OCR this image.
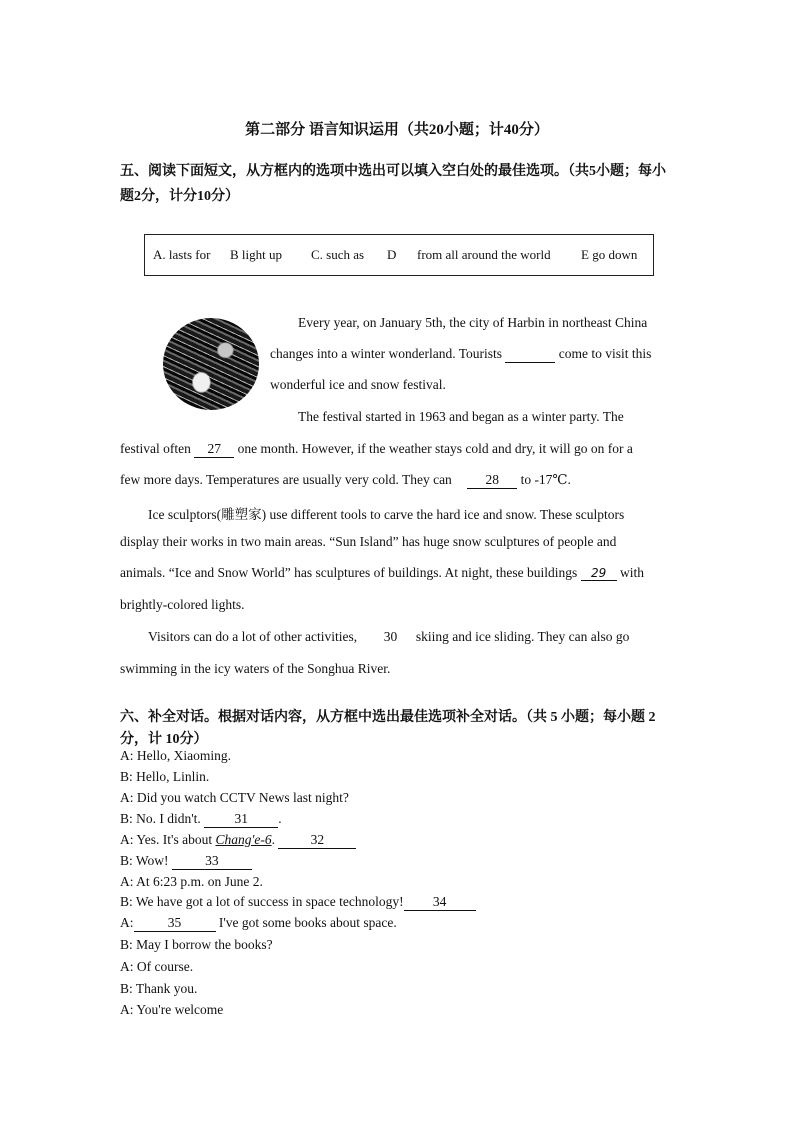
第二部分 语言知识运用（共20小题；计40分）
五、阅读下面短文，从方框内的选项中选出可以填入空白处的最佳选项。（共5小题；每小
题2分，计分10分）
A. lasts for B light up C. such as D from all around the world E go down
Every year, on January 5th, the city of Harbin in northeast China
changes into a winter wonderland. Tourists	come to visit this
wonderful ice and snow festival.
The festival started in 1963 and began as a winter party. The
festival often 27 one month. However, if the weather stays cold and dry, it will go on for a
few more days. Temperatures are usually very cold. They can 28 to -17℃.
Ice sculptors(雕塑家) use different tools to carve the hard ice and snow. These sculptors
display their works in two main areas. “Sun Island” has huge snow sculptures of people and
animals. “Ice and Snow World” has sculptures of buildings. At night, these buildings 29 with
brightly-colored lights.
Visitors can do a lot of other activities, 30 skiing and ice sliding. They can also go
swimming in the icy waters of the Songhua River.
六、补全对话。根据对话内容，从方框中选出最佳选项补全对话。（共 5 小题；每小题 2
分，计 10分）
A: Hello, Xiaoming.
B: Hello, Linlin.
A: Did you watch CCTV News last night?
B: No. I didn't. 31 .
A: Yes. It's about Chang'e-6.	32
B: Wow!	33
A: At 6:23 p.m. on June 2.
B: We have got a lot of success in space technology! 34
A:	35	I've got some books about space.
B: May I borrow the books?
A: Of course.
B: Thank you.
A: You're welcome
